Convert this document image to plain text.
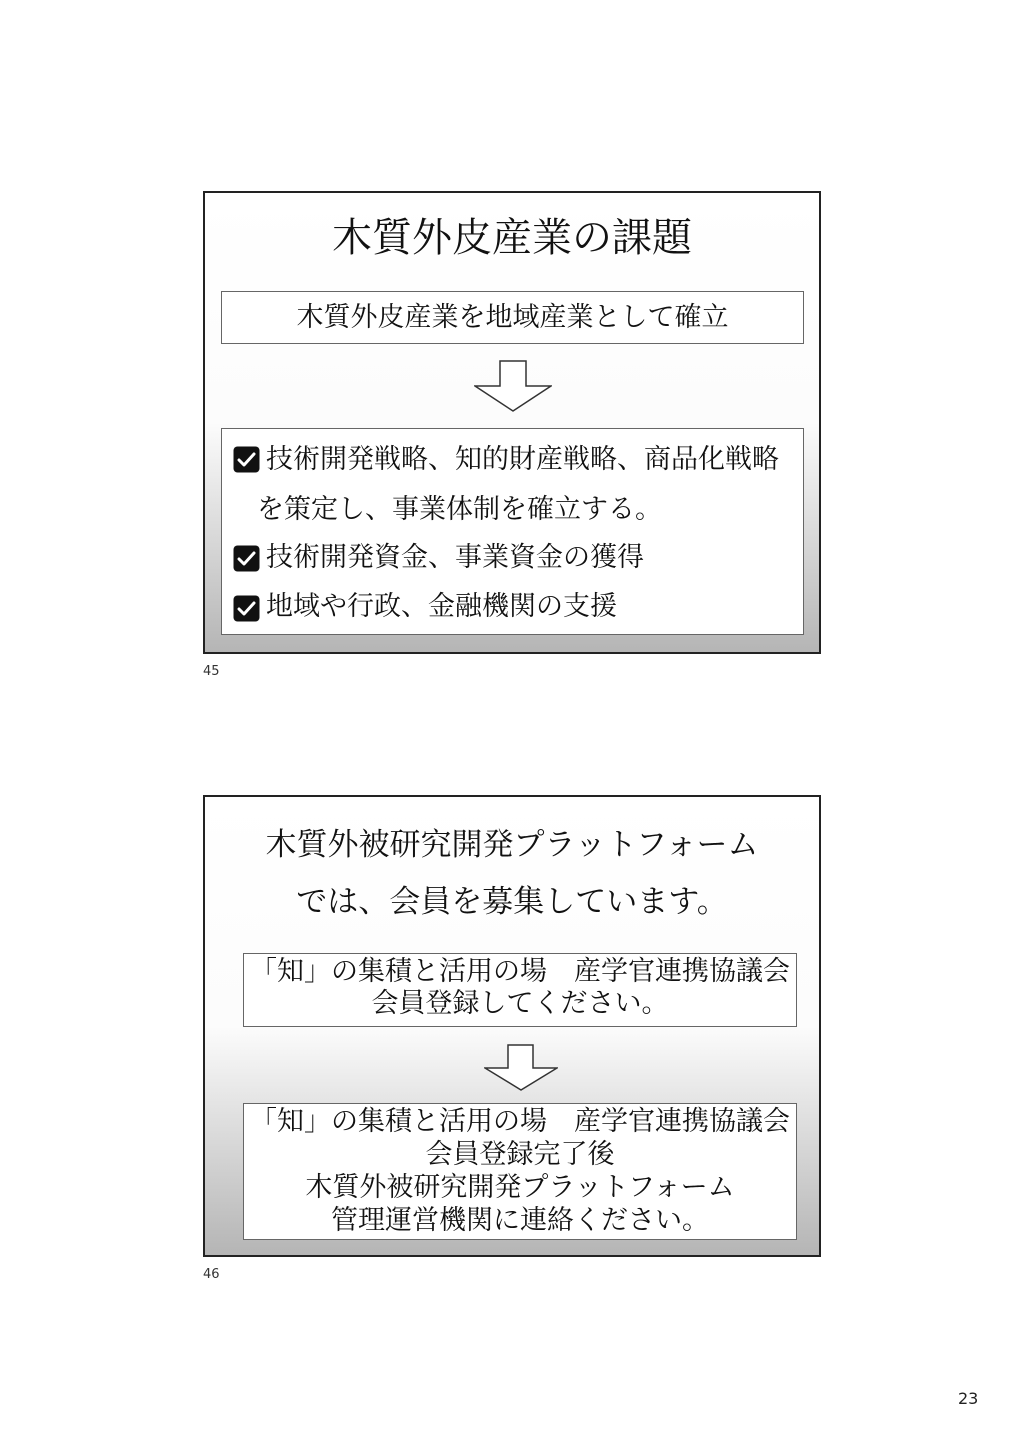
木質外皮産業の課題
木質外皮産業を地域産業として確立
技術開発戦略、知的財産戦略、商品化戦略
を策定し、事業体制を確立する。
技術開発資金、事業資金の獲得
地域や行政、金融機関の支援
45
木質外被研究開発プラットフォーム
では、会員を募集しています。
「知」の集積と活用の場　産学官連携協議会
会員登録してください。
「知」の集積と活用の場　産学官連携協議会
会員登録完了後
木質外被研究開発プラットフォーム
管理運営機関に連絡ください。
46
23
